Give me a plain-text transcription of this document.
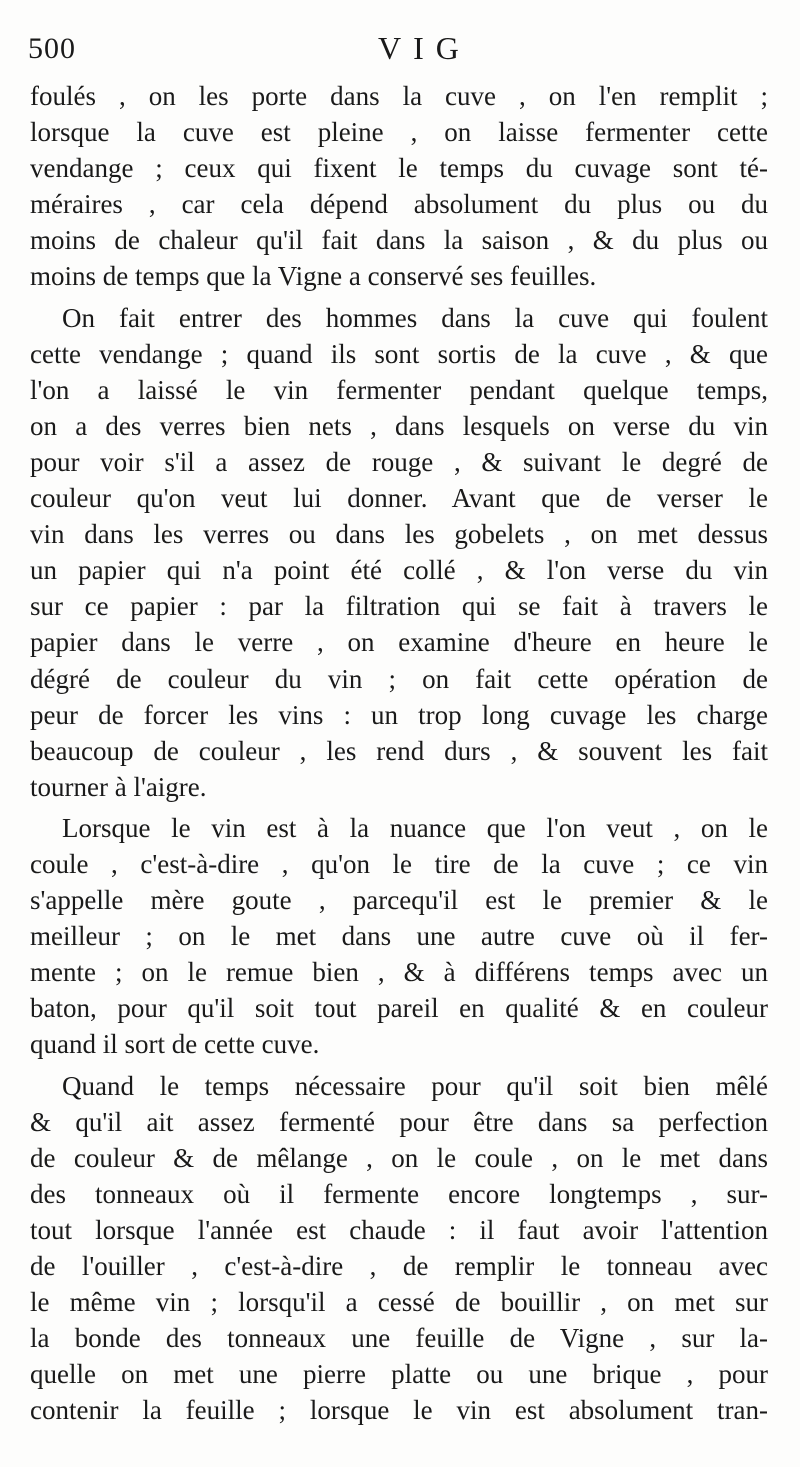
500	VIG
foulés , on les porte dans la cuve , on l'en remplit ;
lorsque la cuve est pleine , on laisse fermenter cette
vendange ; ceux qui fixent le temps du cuvage sont té-
méraires , car cela dépend absolument du plus ou du
moins de chaleur qu'il fait dans la saison , & du plus ou
moins de temps que la Vigne a conservé ses feuilles.
On fait entrer des hommes dans la cuve qui foulent
cette vendange ; quand ils sont sortis de la cuve , & que
l'on a laissé le vin fermenter pendant quelque temps,
on a des verres bien nets , dans lesquels on verse du vin
pour voir s'il a assez de rouge , & suivant le degré de
couleur qu'on veut lui donner. Avant que de verser le
vin dans les verres ou dans les gobelets , on met dessus
un papier qui n'a point été collé , & l'on verse du vin
sur ce papier : par la filtration qui se fait à travers le
papier dans le verre , on examine d'heure en heure le
dégré de couleur du vin ; on fait cette opération de
peur de forcer les vins : un trop long cuvage les charge
beaucoup de couleur , les rend durs , & souvent les fait
tourner à l'aigre.
Lorsque le vin est à la nuance que l'on veut , on le
coule , c'est-à-dire , qu'on le tire de la cuve ; ce vin
s'appelle mère goute , parcequ'il est le premier & le
meilleur ; on le met dans une autre cuve où il fer-
mente ; on le remue bien , & à différens temps avec un
baton, pour qu'il soit tout pareil en qualité & en couleur
quand il sort de cette cuve.
Quand le temps nécessaire pour qu'il soit bien mêlé
& qu'il ait assez fermenté pour être dans sa perfection
de couleur & de mêlange , on le coule , on le met dans
des tonneaux où il fermente encore longtemps , sur-
tout lorsque l'année est chaude : il faut avoir l'attention
de l'ouiller , c'est-à-dire , de remplir le tonneau avec
le même vin ; lorsqu'il a cessé de bouillir , on met sur
la bonde des tonneaux une feuille de Vigne , sur la-
quelle on met une pierre platte ou une brique , pour
contenir la feuille ; lorsque le vin est absolument tran-
